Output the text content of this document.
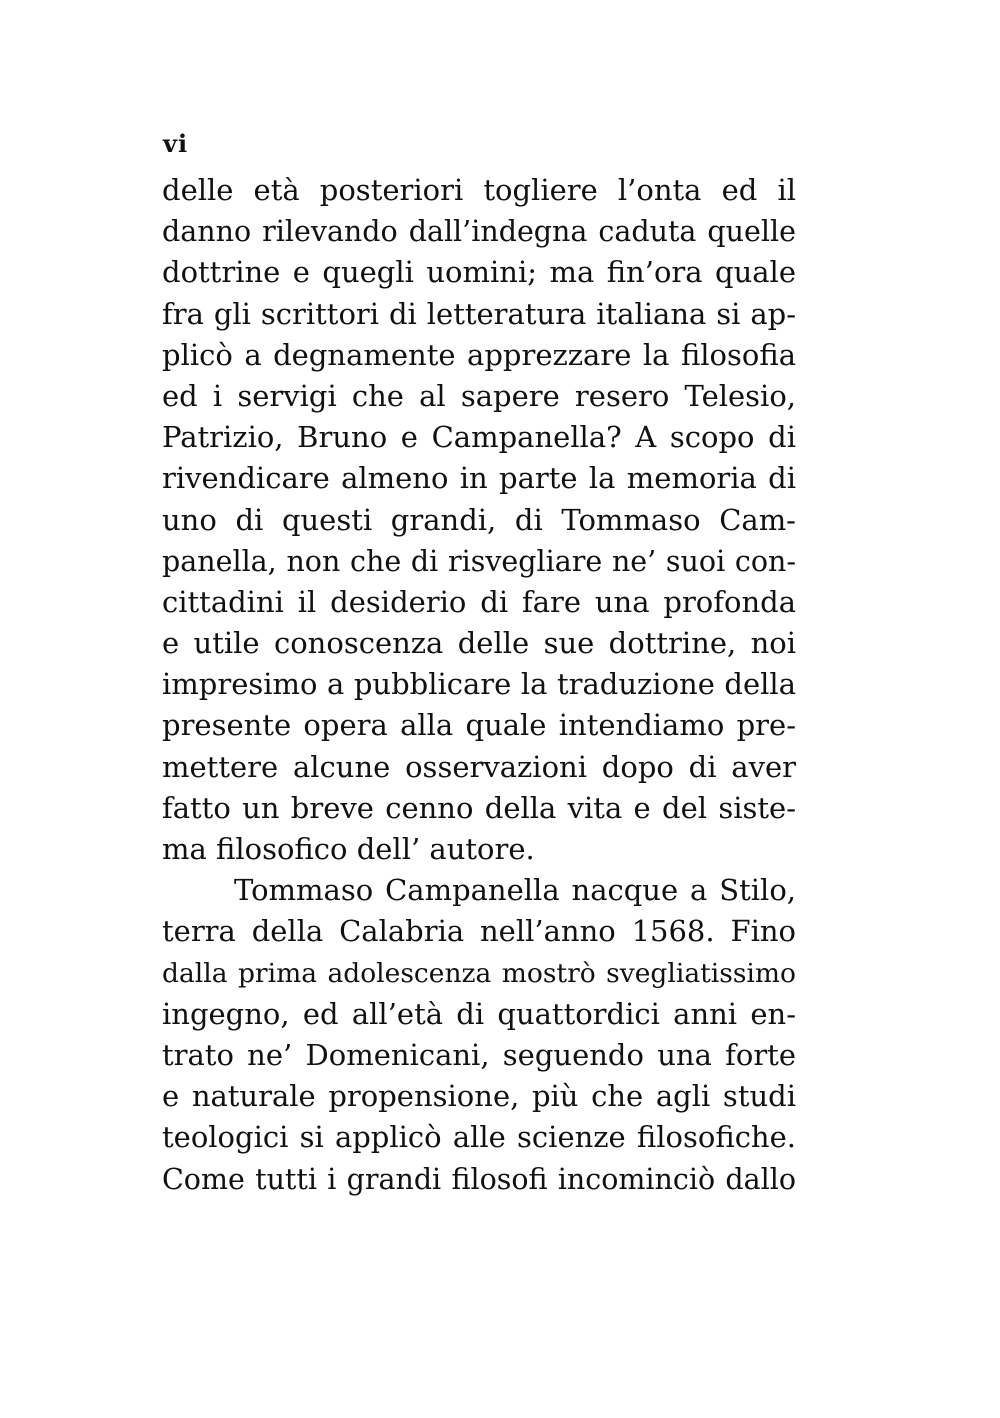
vi
delle età posteriori togliere l’onta ed il
danno rilevando dall’indegna caduta quelle
dottrine e quegli uomini; ma fin’ora quale
fra gli scrittori di letteratura italiana si ap-
plicò a degnamente apprezzare la filosofia
ed i servigi che al sapere resero Telesio,
Patrizio, Bruno e Campanella? A scopo di
rivendicare almeno in parte la memoria di
uno di questi grandi, di Tommaso Cam-
panella, non che di risvegliare ne’ suoi con-
cittadini il desiderio di fare una profonda
e utile conoscenza delle sue dottrine, noi
impresimo a pubblicare la traduzione della
presente opera alla quale intendiamo pre-
mettere alcune osservazioni dopo di aver
fatto un breve cenno della vita e del siste-
ma filosofico dell’ autore.
Tommaso Campanella nacque a Stilo,
terra della Calabria nell’anno 1568. Fino
dalla prima adolescenza mostrò svegliatissimo
ingegno, ed all’età di quattordici anni en-
trato ne’ Domenicani, seguendo una forte
e naturale propensione, più che agli studi
teologici si applicò alle scienze filosofiche.
Come tutti i grandi filosofi incominciò dallo
